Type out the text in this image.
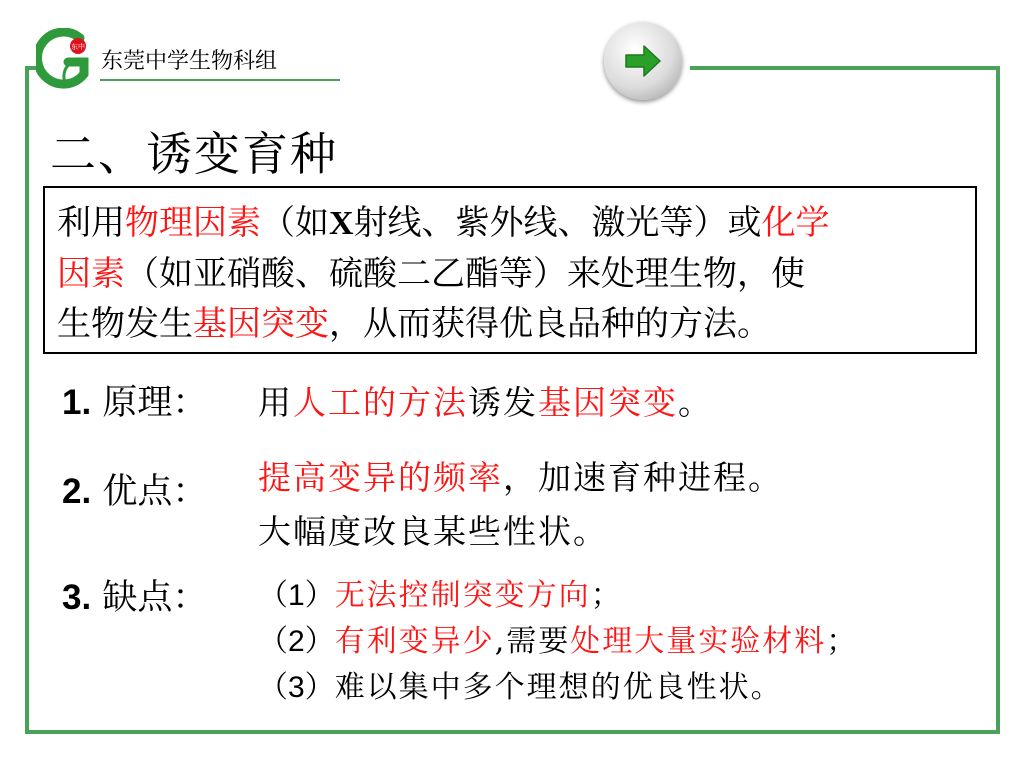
东中
东莞中学生物科组
二、诱变育种
利用物理因素（如X射线、紫外线、激光等）或化学
因素（如亚硝酸、硫酸二乙酯等）来处理生物，使
生物发生基因突变，从而获得优良品种的方法。
1. 原理： 用人工的方法诱发基因突变。
2. 优点： 提高变异的频率，加速育种进程。
大幅度改良某些性状。
3. 缺点： （1）无法控制突变方向；
（2）有利变异少,需要处理大量实验材料；
（3）难以集中多个理想的优良性状。
